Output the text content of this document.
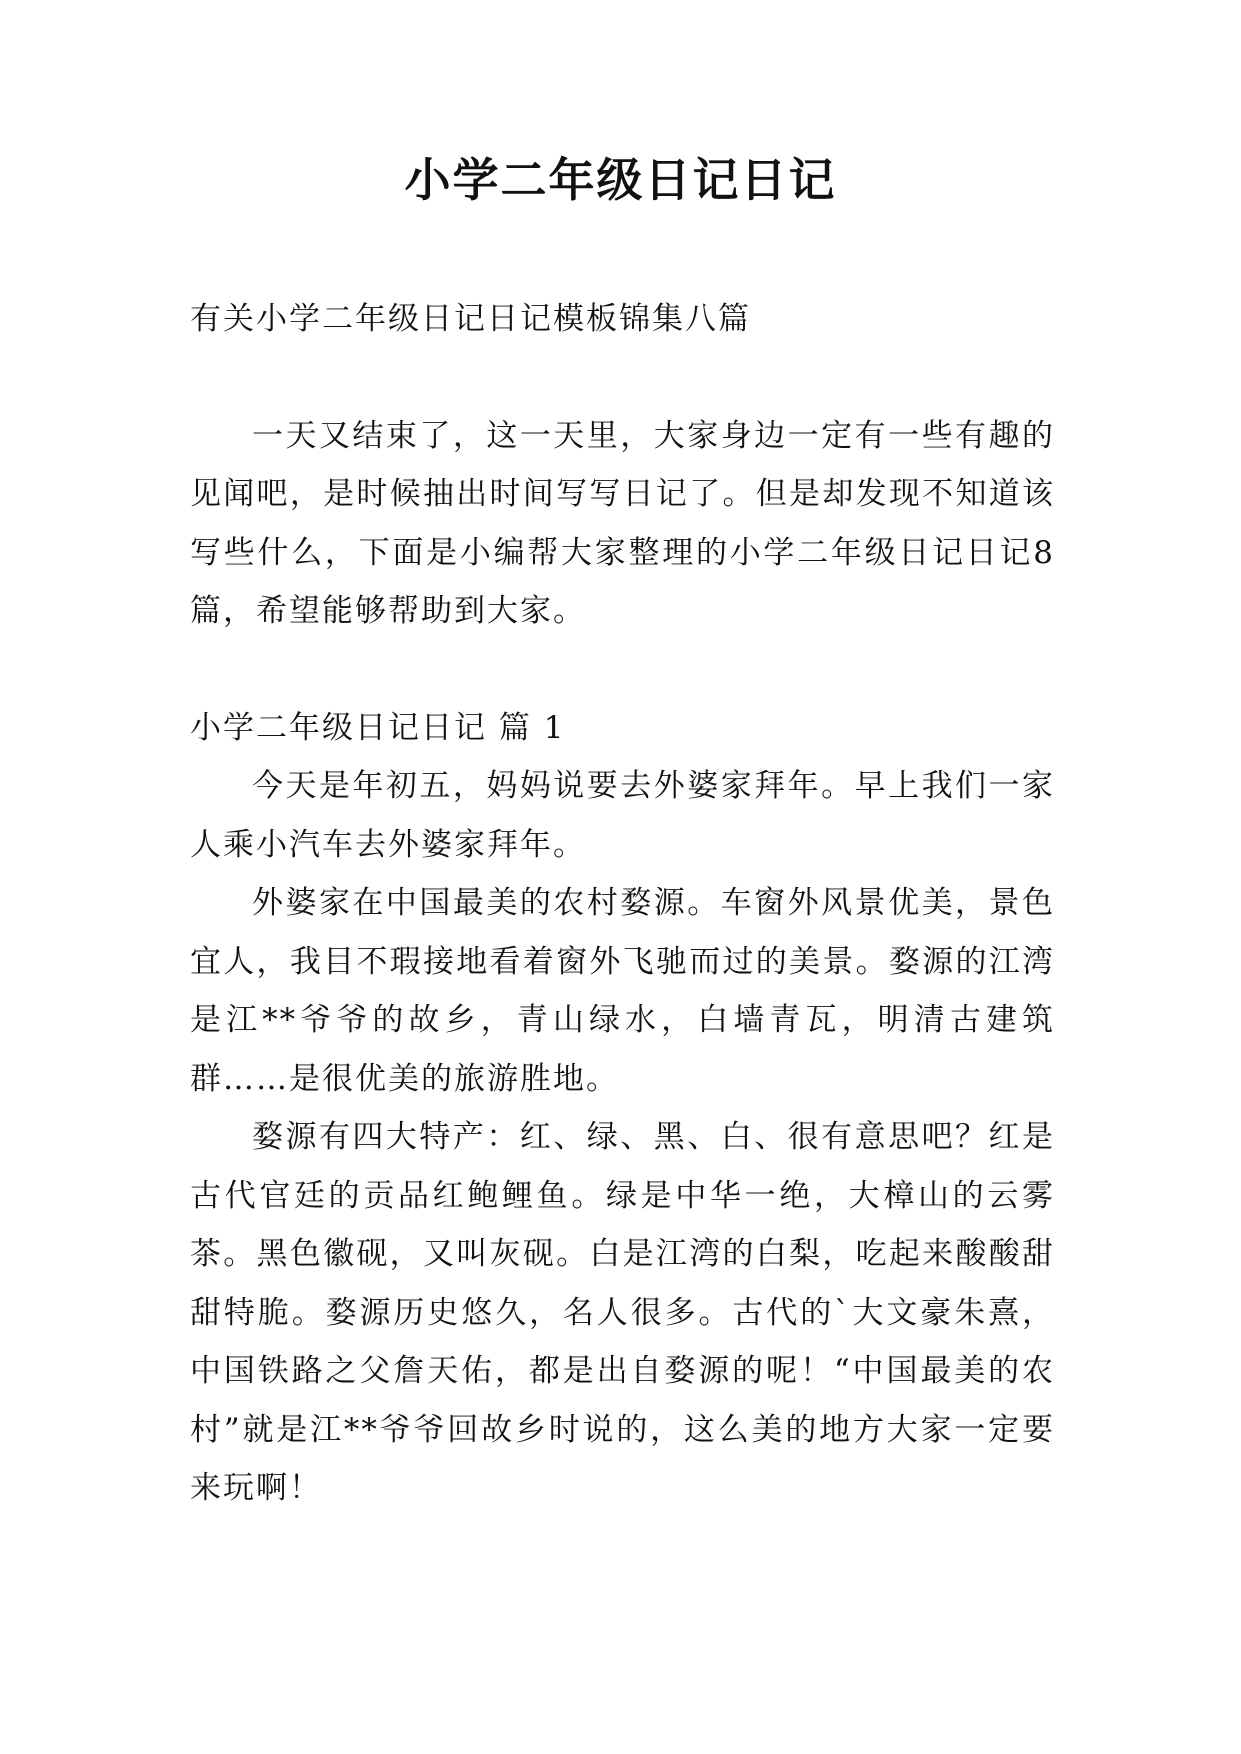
小学二年级日记日记

有关小学二年级日记日记模板锦集八篇

一天又结束了，这一天里，大家身边一定有一些有趣的见闻吧，是时候抽出时间写写日记了。但是却发现不知道该写些什么，下面是小编帮大家整理的小学二年级日记日记8篇，希望能够帮助到大家。

小学二年级日记日记 篇 1

今天是年初五，妈妈说要去外婆家拜年。早上我们一家人乘小汽车去外婆家拜年。

外婆家在中国最美的农村婺源。车窗外风景优美，景色宜人，我目不瑕接地看着窗外飞驰而过的美景。婺源的江湾是江**爷爷的故乡，青山绿水，白墙青瓦，明清古建筑群……是很优美的旅游胜地。

婺源有四大特产：红、绿、黑、白、很有意思吧？红是古代官廷的贡品红鲍鲤鱼。绿是中华一绝，大樟山的云雾茶。黑色徽砚，又叫灰砚。白是江湾的白梨，吃起来酸酸甜甜特脆。婺源历史悠久，名人很多。古代的`大文豪朱熹，中国铁路之父詹天佑，都是出自婺源的呢！“中国最美的农村”就是江**爷爷回故乡时说的，这么美的地方大家一定要来玩啊！
